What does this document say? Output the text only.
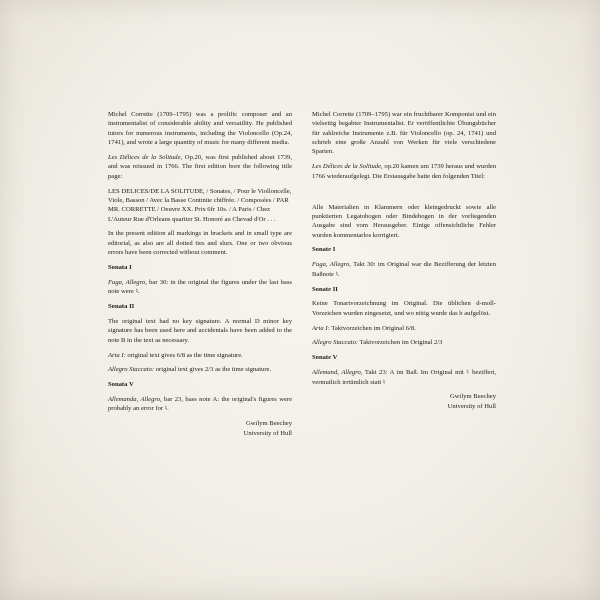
Michel Corrette (1709–1795) was a prolific composer and an instrumentalist of considerable ability and versatility. He published tutors for numerous instruments, including the Violoncello (Op.24, 1741), and wrote a large quantity of music for many different media.

Les Délices de la Solitude, Op.20, was first published about 1739, and was reissued in 1766. The first edition bore the following title page:

LES DELICES/DE LA SOLITUDE, / Sonates, / Pour le Violloncelle, Viole, Basson / Avec la Basse Continüe chiffrée. / Composées / PAR MR. CORRETTE / Oeuvre XX. Prix 6fr 10s. / A Paris / Chez L'Auteur Rue d'Orleans quartier St. Honoré au Chevad d'Or . . .

In the present edition all markings in brackets and in small type are editorial, as also are all dotted ties and slurs. One or two obvious errors have been corrected without comment.

Sonata I

Fuga, Allegro, bar 30: in the original the figures under the last bass note were ♮.

Sonata II

The original text had no key signature. A normal D minor key signature has been used here and accidentals have been added to the note B in the text as necessary.

Aria I: original text gives 6/8 as the time signature.

Allegro Staccato: original text gives 2/3 as the time signature.

Sonata V

Allemanda, Allegro, bar 23, bass note A: the original's figures were probably an error for ♮.

Gwilym Beechey
University of Hull

Michel Corrette (1709–1795) war ein fruchtbarer Komponist und ein vielseitig begabter Instrumentalist. Er veröffentlichte Übungsbücher für zahlreiche Instrumente z.B. für Violoncello (op. 24, 1741) und schrieb eine große Anzahl von Werken für viele verschiedene Sparten.

Les Délices de la Solitude, op.20 kamen um 1739 heraus und wurden 1766 wiederaufgelegt. Die Erstausgabe hatte den folgenden Titel:

Alle Materialien in Klammern oder kleingedruckt sowie alle punktierten Legatobogen oder Bindebogen in der vorliegenden Ausgabe sind vom Herausgeber. Einige offensichtliche Fehler wurden kommentarlos korrigiert.

Sonate I

Fuga, Allegro, Takt 30: im Original war die Bezifferung der letzten Baßnote ♮.

Sonate II

Keine Tonartvorzeichnung im Original. Die üblichen d-moll-Vorzeichen wurden eingesetzt, und wo nötig wurde das b aufgelöst.

Aria I: Taktvorzeichen im Original 6/8.

Allegro Staccato: Taktvorzeichen im Original 2/3

Sonate V

Allemand, Allegro, Takt 23: A im Baß. Im Original mit ♮ beziffert, vermutlich irrtümlich statt ♮

Gwilym Beechey
University of Hull
